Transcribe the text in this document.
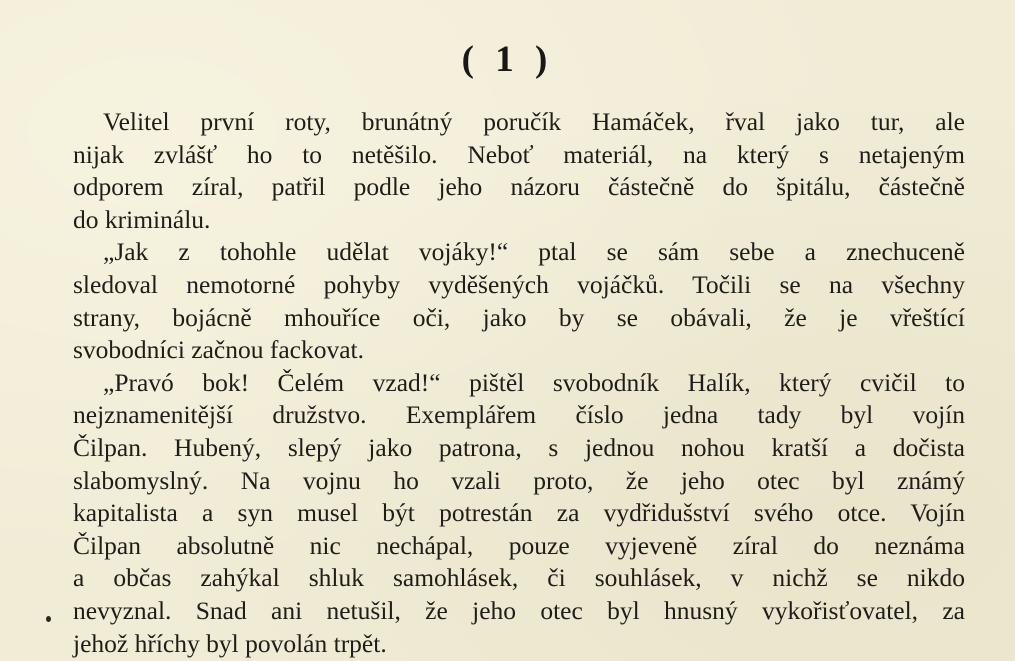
( 1 )
Velitel první roty, brunátný poručík Hamáček, řval jako tur, ale
nijak zvlášť ho to netěšilo. Neboť materiál, na který s netajeným
odporem zíral, patřil podle jeho názoru částečně do špitálu, částečně
do kriminálu.
„Jak z tohohle udělat vojáky!“ ptal se sám sebe a znechuceně
sledoval nemotorné pohyby vyděšených vojáčků. Točili se na všechny
strany, bojácně mhouříce oči, jako by se obávali, že je vřeštící
svobodníci začnou fackovat.
„Pravó bok! Čelém vzad!“ pištěl svobodník Halík, který cvičil to
nejznamenitější družstvo. Exemplářem číslo jedna tady byl vojín
Čilpan. Hubený, slepý jako patrona, s jednou nohou kratší a dočista
slabomyslný. Na vojnu ho vzali proto, že jeho otec byl známý
kapitalista a syn musel být potrestán za vydřidušství svého otce. Vojín
Čilpan absolutně nic nechápal, pouze vyjeveně zíral do neznáma
a občas zahýkal shluk samohlásek, či souhlásek, v nichž se nikdo
nevyznal. Snad ani netušil, že jeho otec byl hnusný vykořisťovatel, za
jehož hříchy byl povolán trpět.
